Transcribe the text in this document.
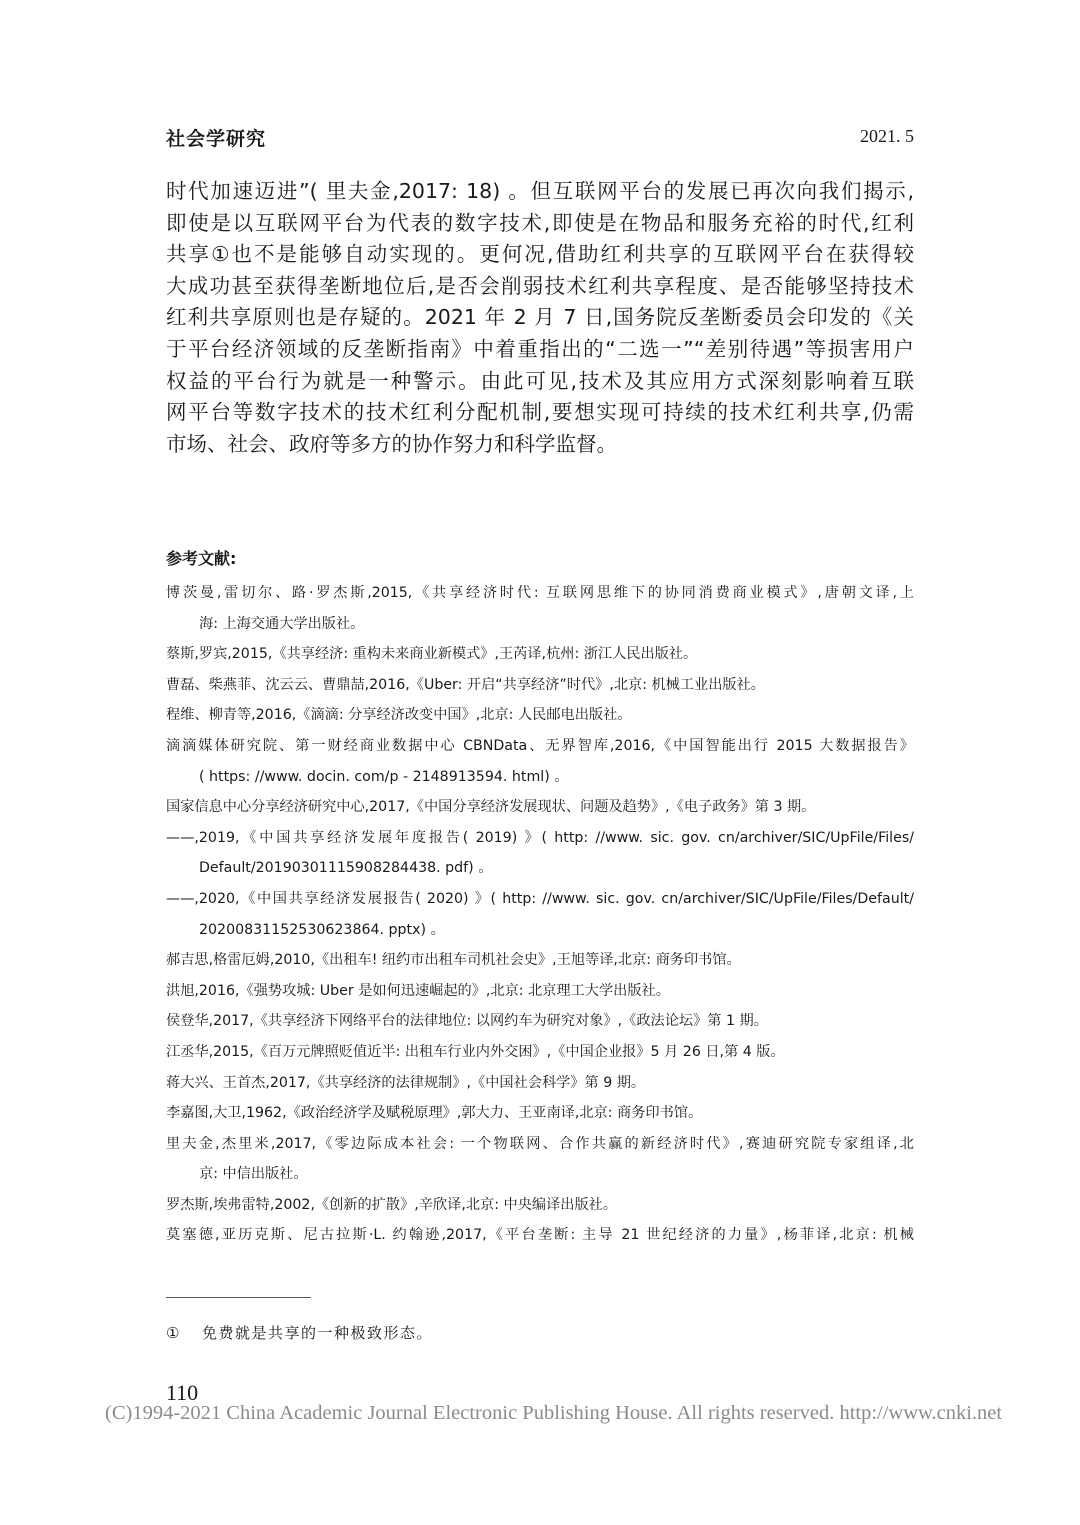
社会学研究	2021. 5
时代加速迈进”( 里夫金,2017: 18) 。但互联网平台的发展已再次向我们揭示,
即使是以互联网平台为代表的数字技术,即使是在物品和服务充裕的时代,红利
共享①也不是能够自动实现的。更何况,借助红利共享的互联网平台在获得较
大成功甚至获得垄断地位后,是否会削弱技术红利共享程度、是否能够坚持技术
红利共享原则也是存疑的。2021 年 2 月 7 日,国务院反垄断委员会印发的《关
于平台经济领域的反垄断指南》中着重指出的“二选一”“差别待遇”等损害用户
权益的平台行为就是一种警示。由此可见,技术及其应用方式深刻影响着互联
网平台等数字技术的技术红利分配机制,要想实现可持续的技术红利共享,仍需
市场、社会、政府等多方的协作努力和科学监督。
参考文献:
博茨曼,雷切尔、路·罗杰斯,2015,《共享经济时代: 互联网思维下的协同消费商业模式》,唐朝文译,上
海: 上海交通大学出版社。
蔡斯,罗宾,2015,《共享经济: 重构未来商业新模式》,王芮译,杭州: 浙江人民出版社。
曹磊、柴燕菲、沈云云、曹鼎喆,2016,《Uber: 开启“共享经济”时代》,北京: 机械工业出版社。
程维、柳青等,2016,《滴滴: 分享经济改变中国》,北京: 人民邮电出版社。
滴滴媒体研究院、第一财经商业数据中心 CBNData、无界智库,2016,《中国智能出行 2015 大数据报告》
( https: //www. docin. com/p - 2148913594. html) 。
国家信息中心分享经济研究中心,2017,《中国分享经济发展现状、问题及趋势》,《电子政务》第 3 期。
——,2019,《中国共享经济发展年度报告( 2019) 》( http: //www. sic. gov. cn/archiver/SIC/UpFile/Files/
Default/20190301115908284438. pdf) 。
——,2020,《中国共享经济发展报告( 2020) 》( http: //www. sic. gov. cn/archiver/SIC/UpFile/Files/Default/
20200831152530623864. pptx) 。
郝吉思,格雷厄姆,2010,《出租车! 纽约市出租车司机社会史》,王旭等译,北京: 商务印书馆。
洪旭,2016,《强势攻城: Uber 是如何迅速崛起的》,北京: 北京理工大学出版社。
侯登华,2017,《共享经济下网络平台的法律地位: 以网约车为研究对象》,《政法论坛》第 1 期。
江丞华,2015,《百万元牌照贬值近半: 出租车行业内外交困》,《中国企业报》5 月 26 日,第 4 版。
蒋大兴、王首杰,2017,《共享经济的法律规制》,《中国社会科学》第 9 期。
李嘉图,大卫,1962,《政治经济学及赋税原理》,郭大力、王亚南译,北京: 商务印书馆。
里夫金,杰里米,2017,《零边际成本社会: 一个物联网、合作共赢的新经济时代》,赛迪研究院专家组译,北
京: 中信出版社。
罗杰斯,埃弗雷特,2002,《创新的扩散》,辛欣译,北京: 中央编译出版社。
莫塞德,亚历克斯、尼古拉斯·L. 约翰逊,2017,《平台垄断: 主导 21 世纪经济的力量》,杨菲译,北京: 机械
① 免费就是共享的一种极致形态。
110
(C)1994-2021 China Academic Journal Electronic Publishing House. All rights reserved. http://www.cnki.net
